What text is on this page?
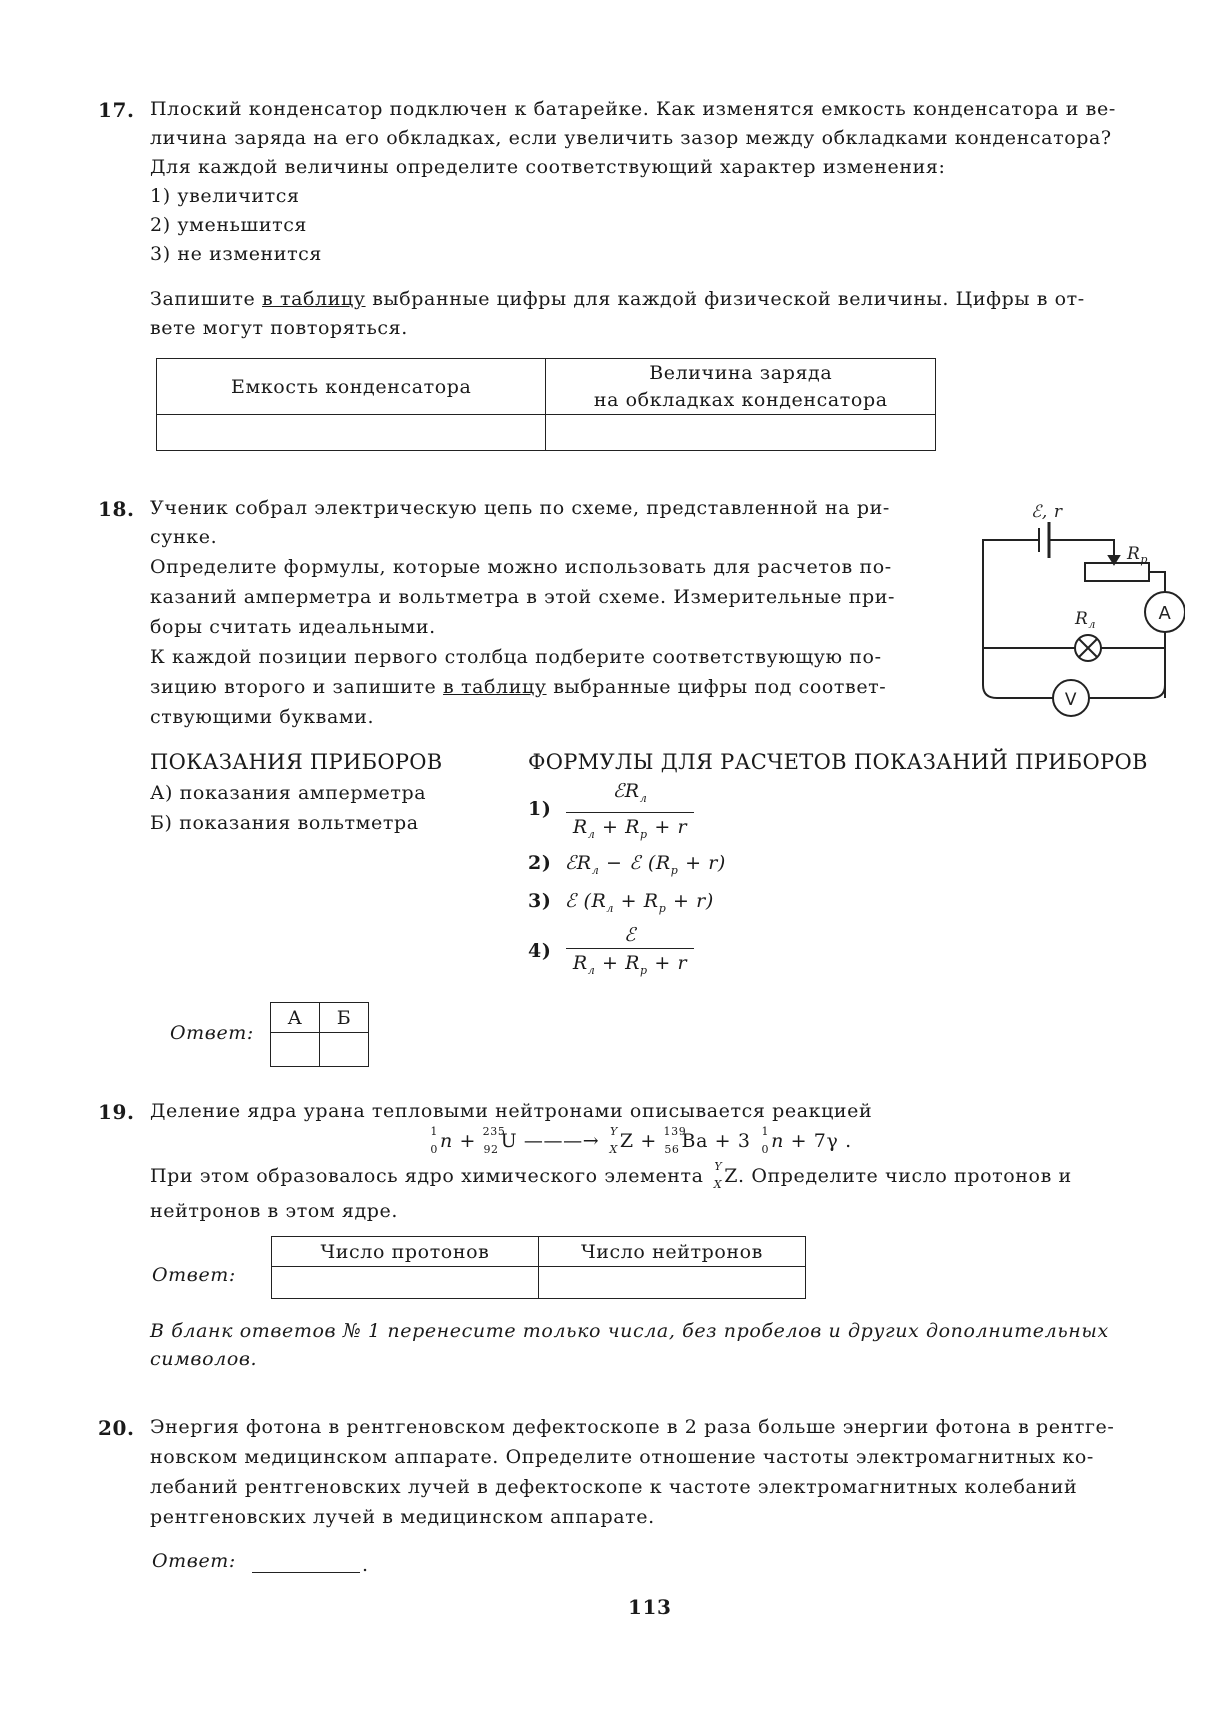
17. Плоский конденсатор подключен к батарейке. Как изменятся емкость конденсатора и ве-
личина заряда на его обкладках, если увеличить зазор между обкладками конденсатора?
Для каждой величины определите соответствующий характер изменения:
1) увеличится
2) уменьшится
3) не изменится
Запишите в таблицу выбранные цифры для каждой физической величины. Цифры в от-
вете могут повторяться.
Емкость конденсатора	Величина заряда
на обкладках конденсатора

18. Ученик собрал электрическую цепь по схеме, представленной на ри-
сунке.
Определите формулы, которые можно использовать для расчетов по-
казаний амперметра и вольтметра в этой схеме. Измерительные при-
боры считать идеальными.
К каждой позиции первого столбца подберите соответствующую по-
зицию второго и запишите в таблицу выбранные цифры под соответ-
ствующими буквами.
ℰ, r
$R_р$
$R_л$
A
V
ПОКАЗАНИЯ ПРИБОРОВ
А) показания амперметра
Б) показания вольтметра
ФОРМУЛЫ ДЛЯ РАСЧЕТОВ ПОКАЗАНИЙ ПРИБОРОВ
1)
ℰR$_л$
$R_л + R_р + r$
2) ℰR$_л$ − ℰ $(R_р + r)$
3) ℰ $(R_л + R_р + r)$
4)
ℰ
$R_л + R_р + r$
Ответ:
А	Б

19. Деление ядра урана тепловыми нейтронами описывается реакцией
1
0 n + 235
92 U ———→ Y
X Z + 139
56 Ba + 3 1
0 n + 7γ .
При этом образовалось ядро химического элемента Y
X Z. Определите число протонов и
нейтронов в этом ядре.
Ответ:
Число протонов	Число нейтронов

В бланк ответов № 1 перенесите только числа, без пробелов и других дополнительных
символов.
20. Энергия фотона в рентгеновском дефектоскопе в 2 раза больше энергии фотона в рентге-
новском медицинском аппарате. Определите отношение частоты электромагнитных ко-
лебаний рентгеновских лучей в дефектоскопе к частоте электромагнитных колебаний
рентгеновских лучей в медицинском аппарате.
Ответ:	.
113
